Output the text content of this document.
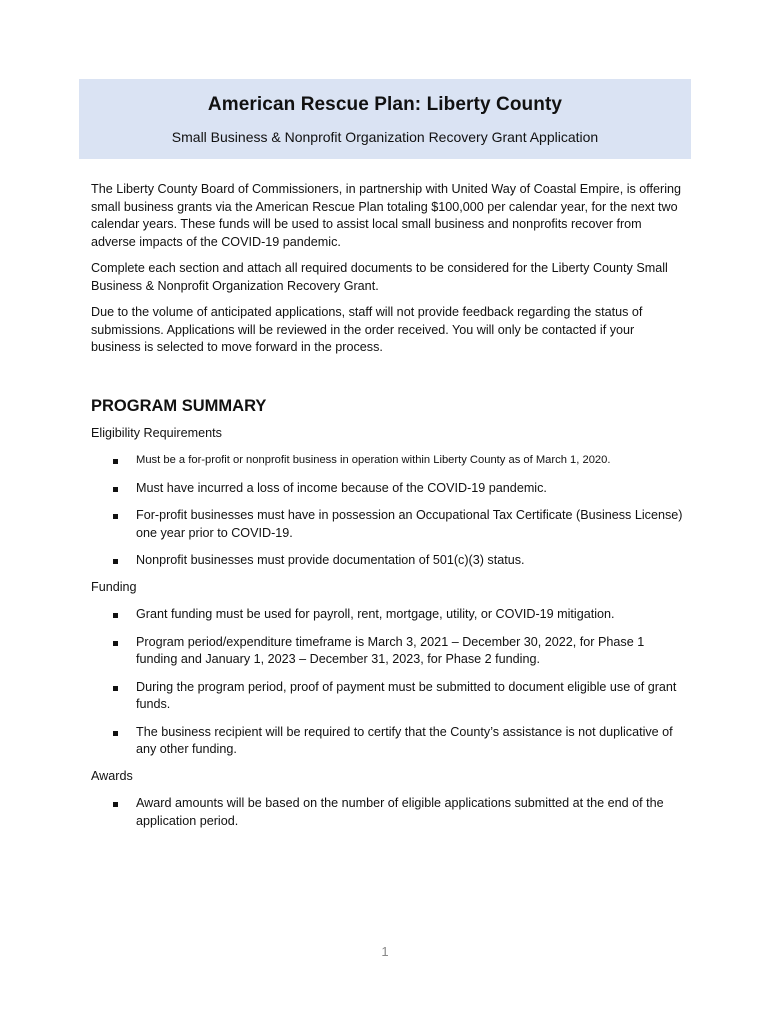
American Rescue Plan: Liberty County
Small Business & Nonprofit Organization Recovery Grant Application

The Liberty County Board of Commissioners, in partnership with United Way of Coastal Empire, is offering small business grants via the American Rescue Plan totaling $100,000 per calendar year, for the next two calendar years. These funds will be used to assist local small business and nonprofits recover from adverse impacts of the COVID-19 pandemic.

Complete each section and attach all required documents to be considered for the Liberty County Small Business & Nonprofit Organization Recovery Grant.

Due to the volume of anticipated applications, staff will not provide feedback regarding the status of submissions. Applications will be reviewed in the order received. You will only be contacted if your business is selected to move forward in the process.

PROGRAM SUMMARY
Eligibility Requirements
Must be a for-profit or nonprofit business in operation within Liberty County as of March 1, 2020.
Must have incurred a loss of income because of the COVID-19 pandemic.
For-profit businesses must have in possession an Occupational Tax Certificate (Business License) one year prior to COVID-19.
Nonprofit businesses must provide documentation of 501(c)(3) status.
Funding
Grant funding must be used for payroll, rent, mortgage, utility, or COVID-19 mitigation.
Program period/expenditure timeframe is March 3, 2021 – December 30, 2022, for Phase 1 funding and January 1, 2023 – December 31, 2023, for Phase 2 funding.
During the program period, proof of payment must be submitted to document eligible use of grant funds.
The business recipient will be required to certify that the County’s assistance is not duplicative of any other funding.
Awards
Award amounts will be based on the number of eligible applications submitted at the end of the application period.
1
